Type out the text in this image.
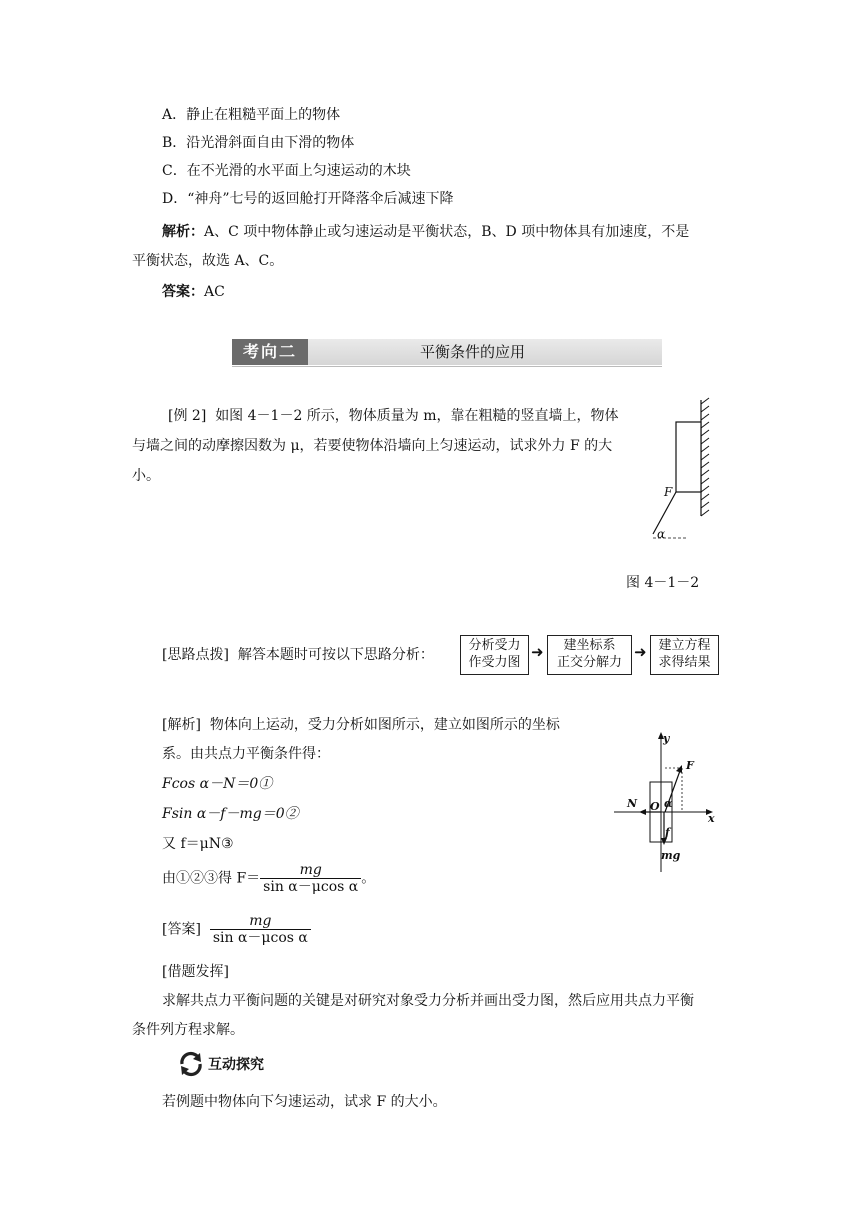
A．静止在粗糙平面上的物体
B．沿光滑斜面自由下滑的物体
C．在不光滑的水平面上匀速运动的木块
D．“神舟”七号的返回舱打开降落伞后减速下降
解析：A、C 项中物体静止或匀速运动是平衡状态，B、D 项中物体具有加速度，不是
平衡状态，故选 A、C。
答案：AC
考向二	平衡条件的应用
[例 2] 如图 4－1－2 所示，物体质量为 m，靠在粗糙的竖直墙上，物体
与墙之间的动摩擦因数为 μ，若要使物体沿墙向上匀速运动，试求外力 F 的大
小。
F
α
图 4－1－2
[思路点拨] 解答本题时可按以下思路分析：
分析受力
作受力图
➜	建坐标系
正交分解力
➜ 建立方程
求得结果
[解析] 物体向上运动，受力分析如图所示，建立如图所示的坐标
系。由共点力平衡条件得：
Fcos α－N＝0①
Fsin α－f－mg＝0②
又 f＝μN③
由①②③得 $F= \frac{mg}{\text{sin α－μcos α}}$ 。
y
x
F
N O α
f
mg
[答案] $\frac{mg}{\text{sin α－μcos α}}$
[借题发挥]
求解共点力平衡问题的关键是对研究对象受力分析并画出受力图，然后应用共点力平衡
条件列方程求解。
互动探究
若例题中物体向下匀速运动，试求 F 的大小。
